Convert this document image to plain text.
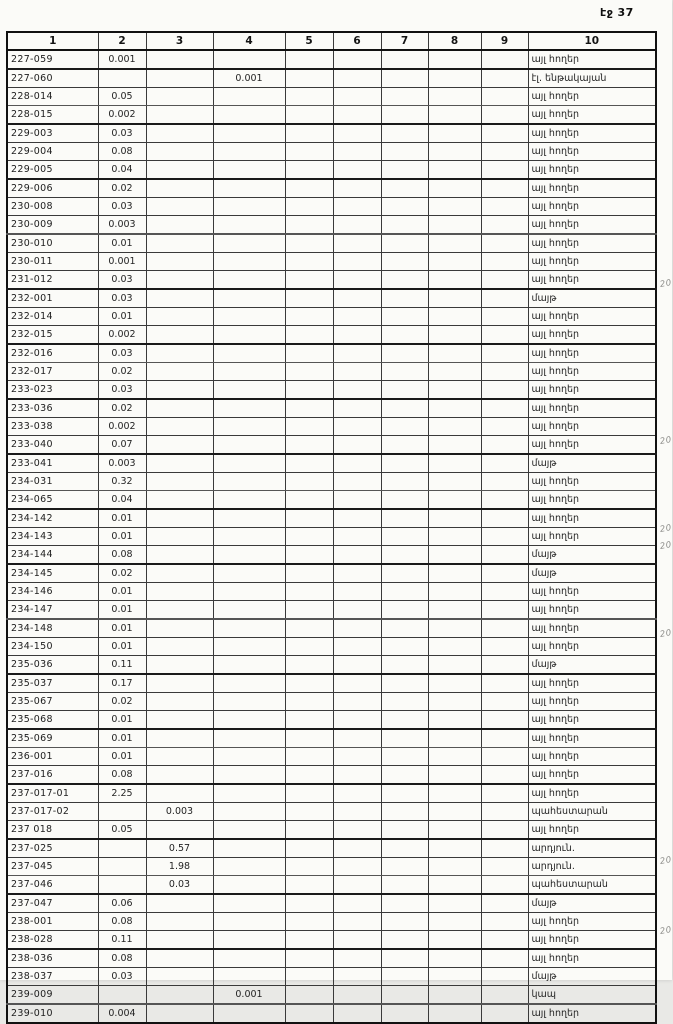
էջ 37
1	2	3	4	5	6	7	8	9	10
227-059	0.001								այլ հողեր
227-060			0.001						էլ. ենթակայան
228-014	0.05								այլ հողեր
228-015	0.002								այլ հողեր
229-003	0.03								այլ հողեր
229-004	0.08								այլ հողեր
229-005	0.04								այլ հողեր
229-006	0.02								այլ հողեր
230-008	0.03								այլ հողեր
230-009	0.003								այլ հողեր
230-010	0.01								այլ հողեր
230-011	0.001								այլ հողեր
231-012	0.03								այլ հողեր
232-001	0.03								մայթ
232-014	0.01								այլ հողեր
232-015	0.002								այլ հողեր
232-016	0.03								այլ հողեր
232-017	0.02								այլ հողեր
233-023	0.03								այլ հողեր
233-036	0.02								այլ հողեր
233-038	0.002								այլ հողեր
233-040	0.07								այլ հողեր
233-041	0.003								մայթ
234-031	0.32								այլ հողեր
234-065	0.04								այլ հողեր
234-142	0.01								այլ հողեր
234-143	0.01								այլ հողեր
234-144	0.08								մայթ
234-145	0.02								մայթ
234-146	0.01								այլ հողեր
234-147	0.01								այլ հողեր
234-148	0.01								այլ հողեր
234-150	0.01								այլ հողեր
235-036	0.11								մայթ
235-037	0.17								այլ հողեր
235-067	0.02								այլ հողեր
235-068	0.01								այլ հողեր
235-069	0.01								այլ հողեր
236-001	0.01								այլ հողեր
237-016	0.08								այլ հողեր
237-017-01	2.25								այլ հողեր
237-017-02		0.003							պահեստարան
237 018	0.05								այլ հողեր
237-025		0.57							արդյուն.
237-045		1.98							արդյուն.
237-046		0.03							պահեստարան
237-047	0.06								մայթ
238-001	0.08								այլ հողեր
238-028	0.11								այլ հողեր
238-036	0.08								այլ հողեր
238-037	0.03								մայթ
239-009			0.001						կապ
239-010	0.004								այլ հողեր
20
20
20
20
20
20
20
